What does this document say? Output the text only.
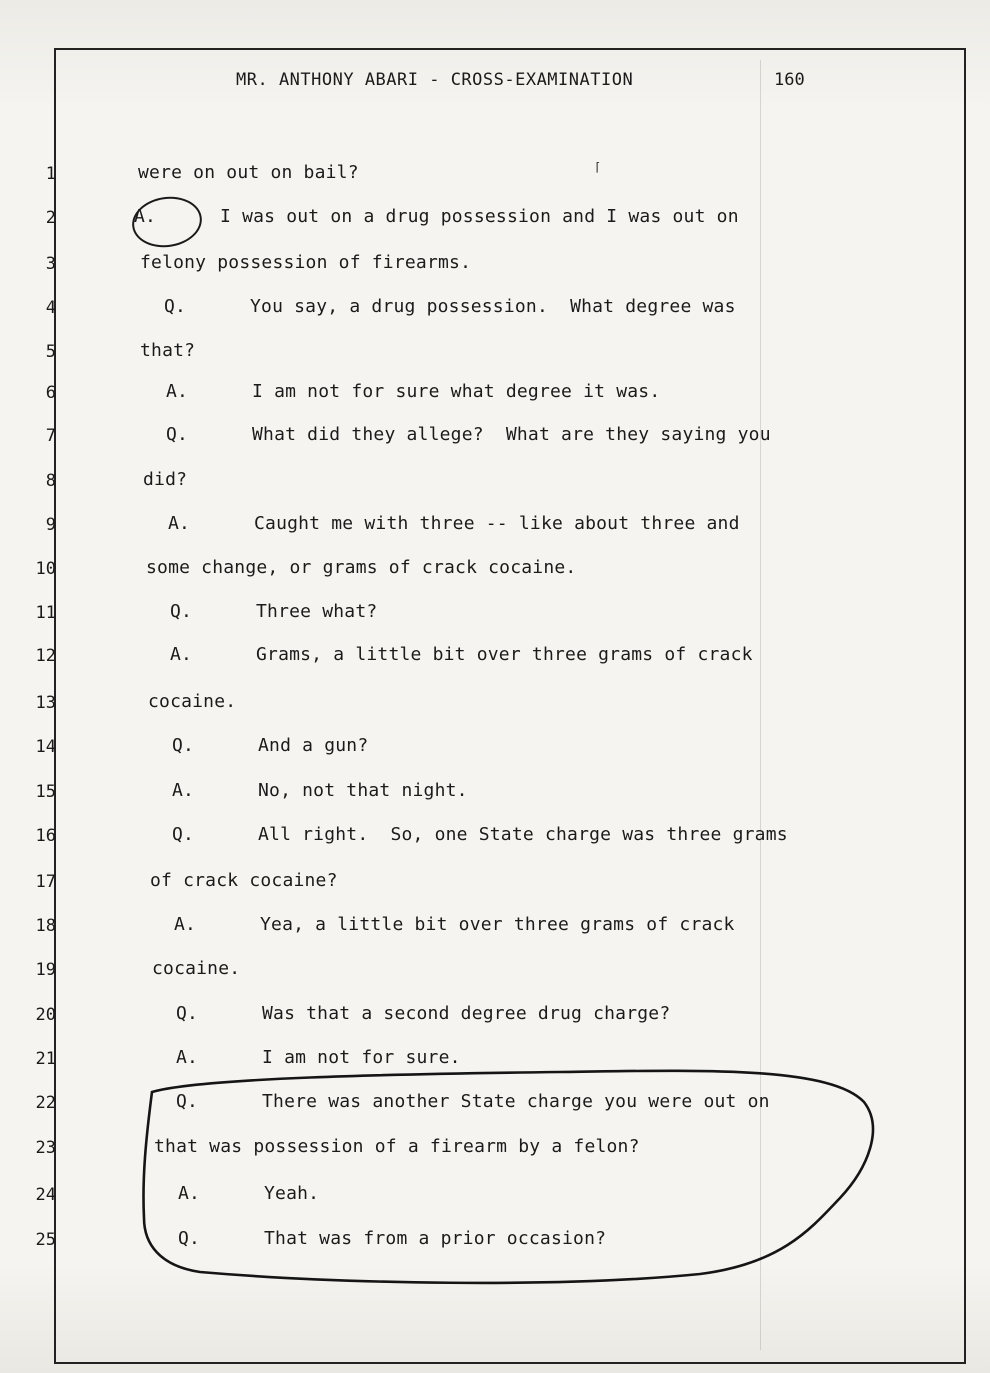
MR. ANTHONY ABARI - CROSS-EXAMINATION	160
⌈
1	were on out on bail?
2	A.	I was out on a drug possession and I was out on
3	felony possession of firearms.
4	Q.	You say, a drug possession.  What degree was
5	that?
6	A.	I am not for sure what degree it was.
7	Q.	What did they allege?  What are they saying you
8	did?
9	A.	Caught me with three -- like about three and
10	some change, or grams of crack cocaine.
11	Q.	Three what?
12	A.	Grams, a little bit over three grams of crack
13	cocaine.
14	Q.	And a gun?
15	A.	No, not that night.
16	Q.	All right.  So, one State charge was three grams
17	of crack cocaine?
18	A.	Yea, a little bit over three grams of crack
19	cocaine.
20	Q.	Was that a second degree drug charge?
21	A.	I am not for sure.
22	Q.	There was another State charge you were out on
23	that was possession of a firearm by a felon?
24	A.	Yeah.
25	Q.	That was from a prior occasion?
